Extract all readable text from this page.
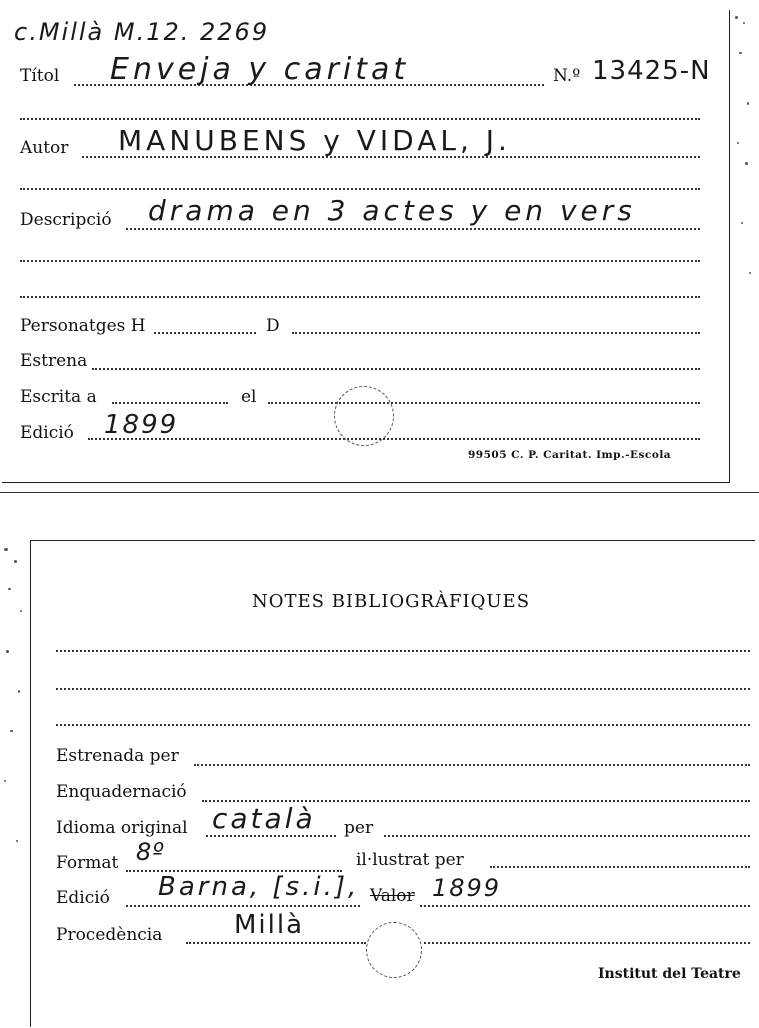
c.Millà M.12. 2269
Títol Enveja y caritat	N.º 13425-N
Autor MANUBENS y VIDAL, J.
Descripció drama en 3 actes y en vers
Personatges H	D
Estrena
Escrita a	el
Edició 1899
99505 C. P. Caritat. Imp.-Escola
NOTES BIBLIOGRÀFIQUES
Estrenada per
Enquadernació
Idioma original català per
Format 8º	il·lustrat per
Edició Barna, [s.i.], Valor 1899
Procedència	Millà
Institut del Teatre
